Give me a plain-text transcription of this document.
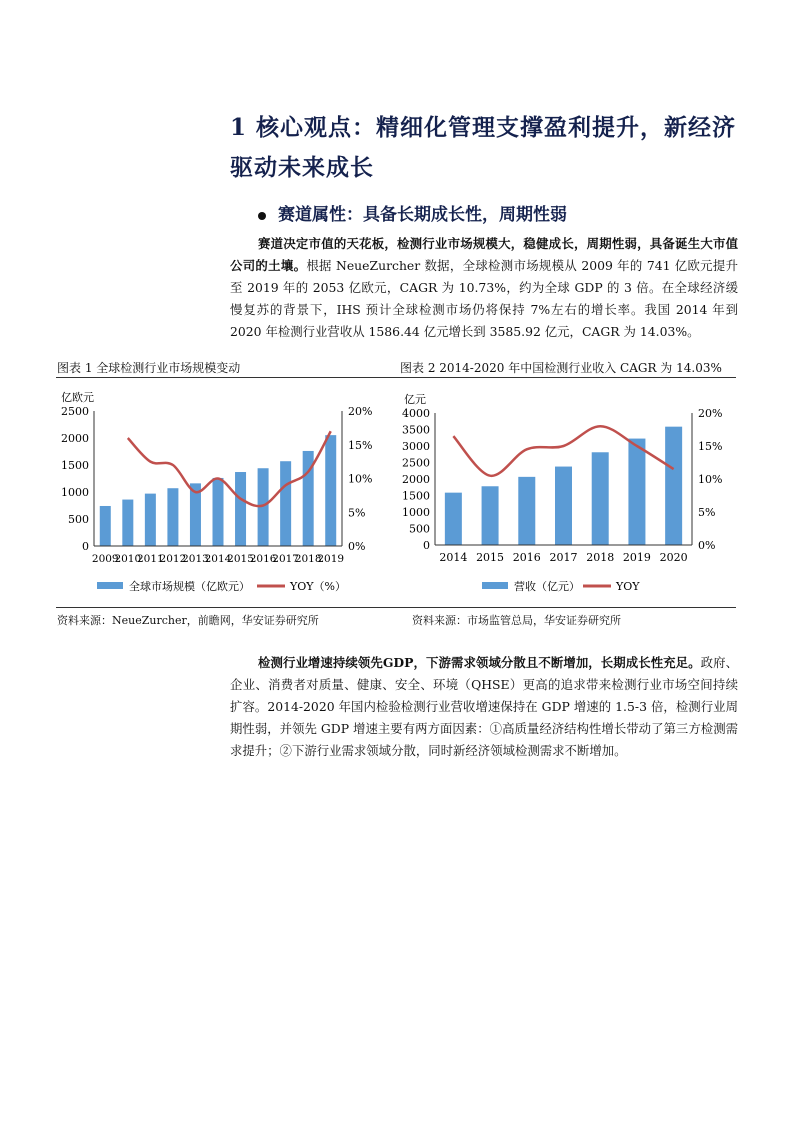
1 核心观点：精细化管理支撑盈利提升，新经济
驱动未来成长
赛道属性：具备长期成长性，周期性弱
赛道决定市值的天花板，检测行业市场规模大，稳健成长，周期性弱，具备诞生大市值公司的土壤。根据 NeueZurcher 数据，全球检测市场规模从 2009 年的 741 亿欧元提升至 2019 年的 2053 亿欧元，CAGR 为 10.73%，约为全球 GDP 的 3 倍。在全球经济缓慢复苏的背景下，IHS 预计全球检测市场仍将保持 7%左右的增长率。我国 2014 年到 2020 年检测行业营收从 1586.44 亿元增长到 3585.92 亿元，CAGR 为 14.03%。
图表 1 全球检测行业市场规模变动	图表 2 2014-2020 年中国检测行业收入 CAGR 为 14.03%
亿欧元
0
500
1000
1500
2000
2500
0%
5%
10%
15%
20%
2009
2010
2011
2012
2013
2014
2015
2016
2017
2018
2019
全球市场规模（亿欧元）	YOY（%）
亿元
0
500
1000
1500
2000
2500
3000
3500
4000
0%
5%
10%
15%
20%
2014 2015 2016 2017 2018 2019 2020
营收（亿元）	YOY
资料来源：NeueZurcher，前瞻网，华安证券研究所	资料来源：市场监管总局，华安证券研究所
检测行业增速持续领先GDP，下游需求领域分散且不断增加，长期成长性充足。政府、企业、消费者对质量、健康、安全、环境（QHSE）更高的追求带来检测行业市场空间持续扩容。2014-2020 年国内检验检测行业营收增速保持在 GDP 增速的 1.5-3 倍，检测行业周期性弱，并领先 GDP 增速主要有两方面因素：①高质量经济结构性增长带动了第三方检测需求提升；②下游行业需求领域分散，同时新经济领域检测需求不断增加。
